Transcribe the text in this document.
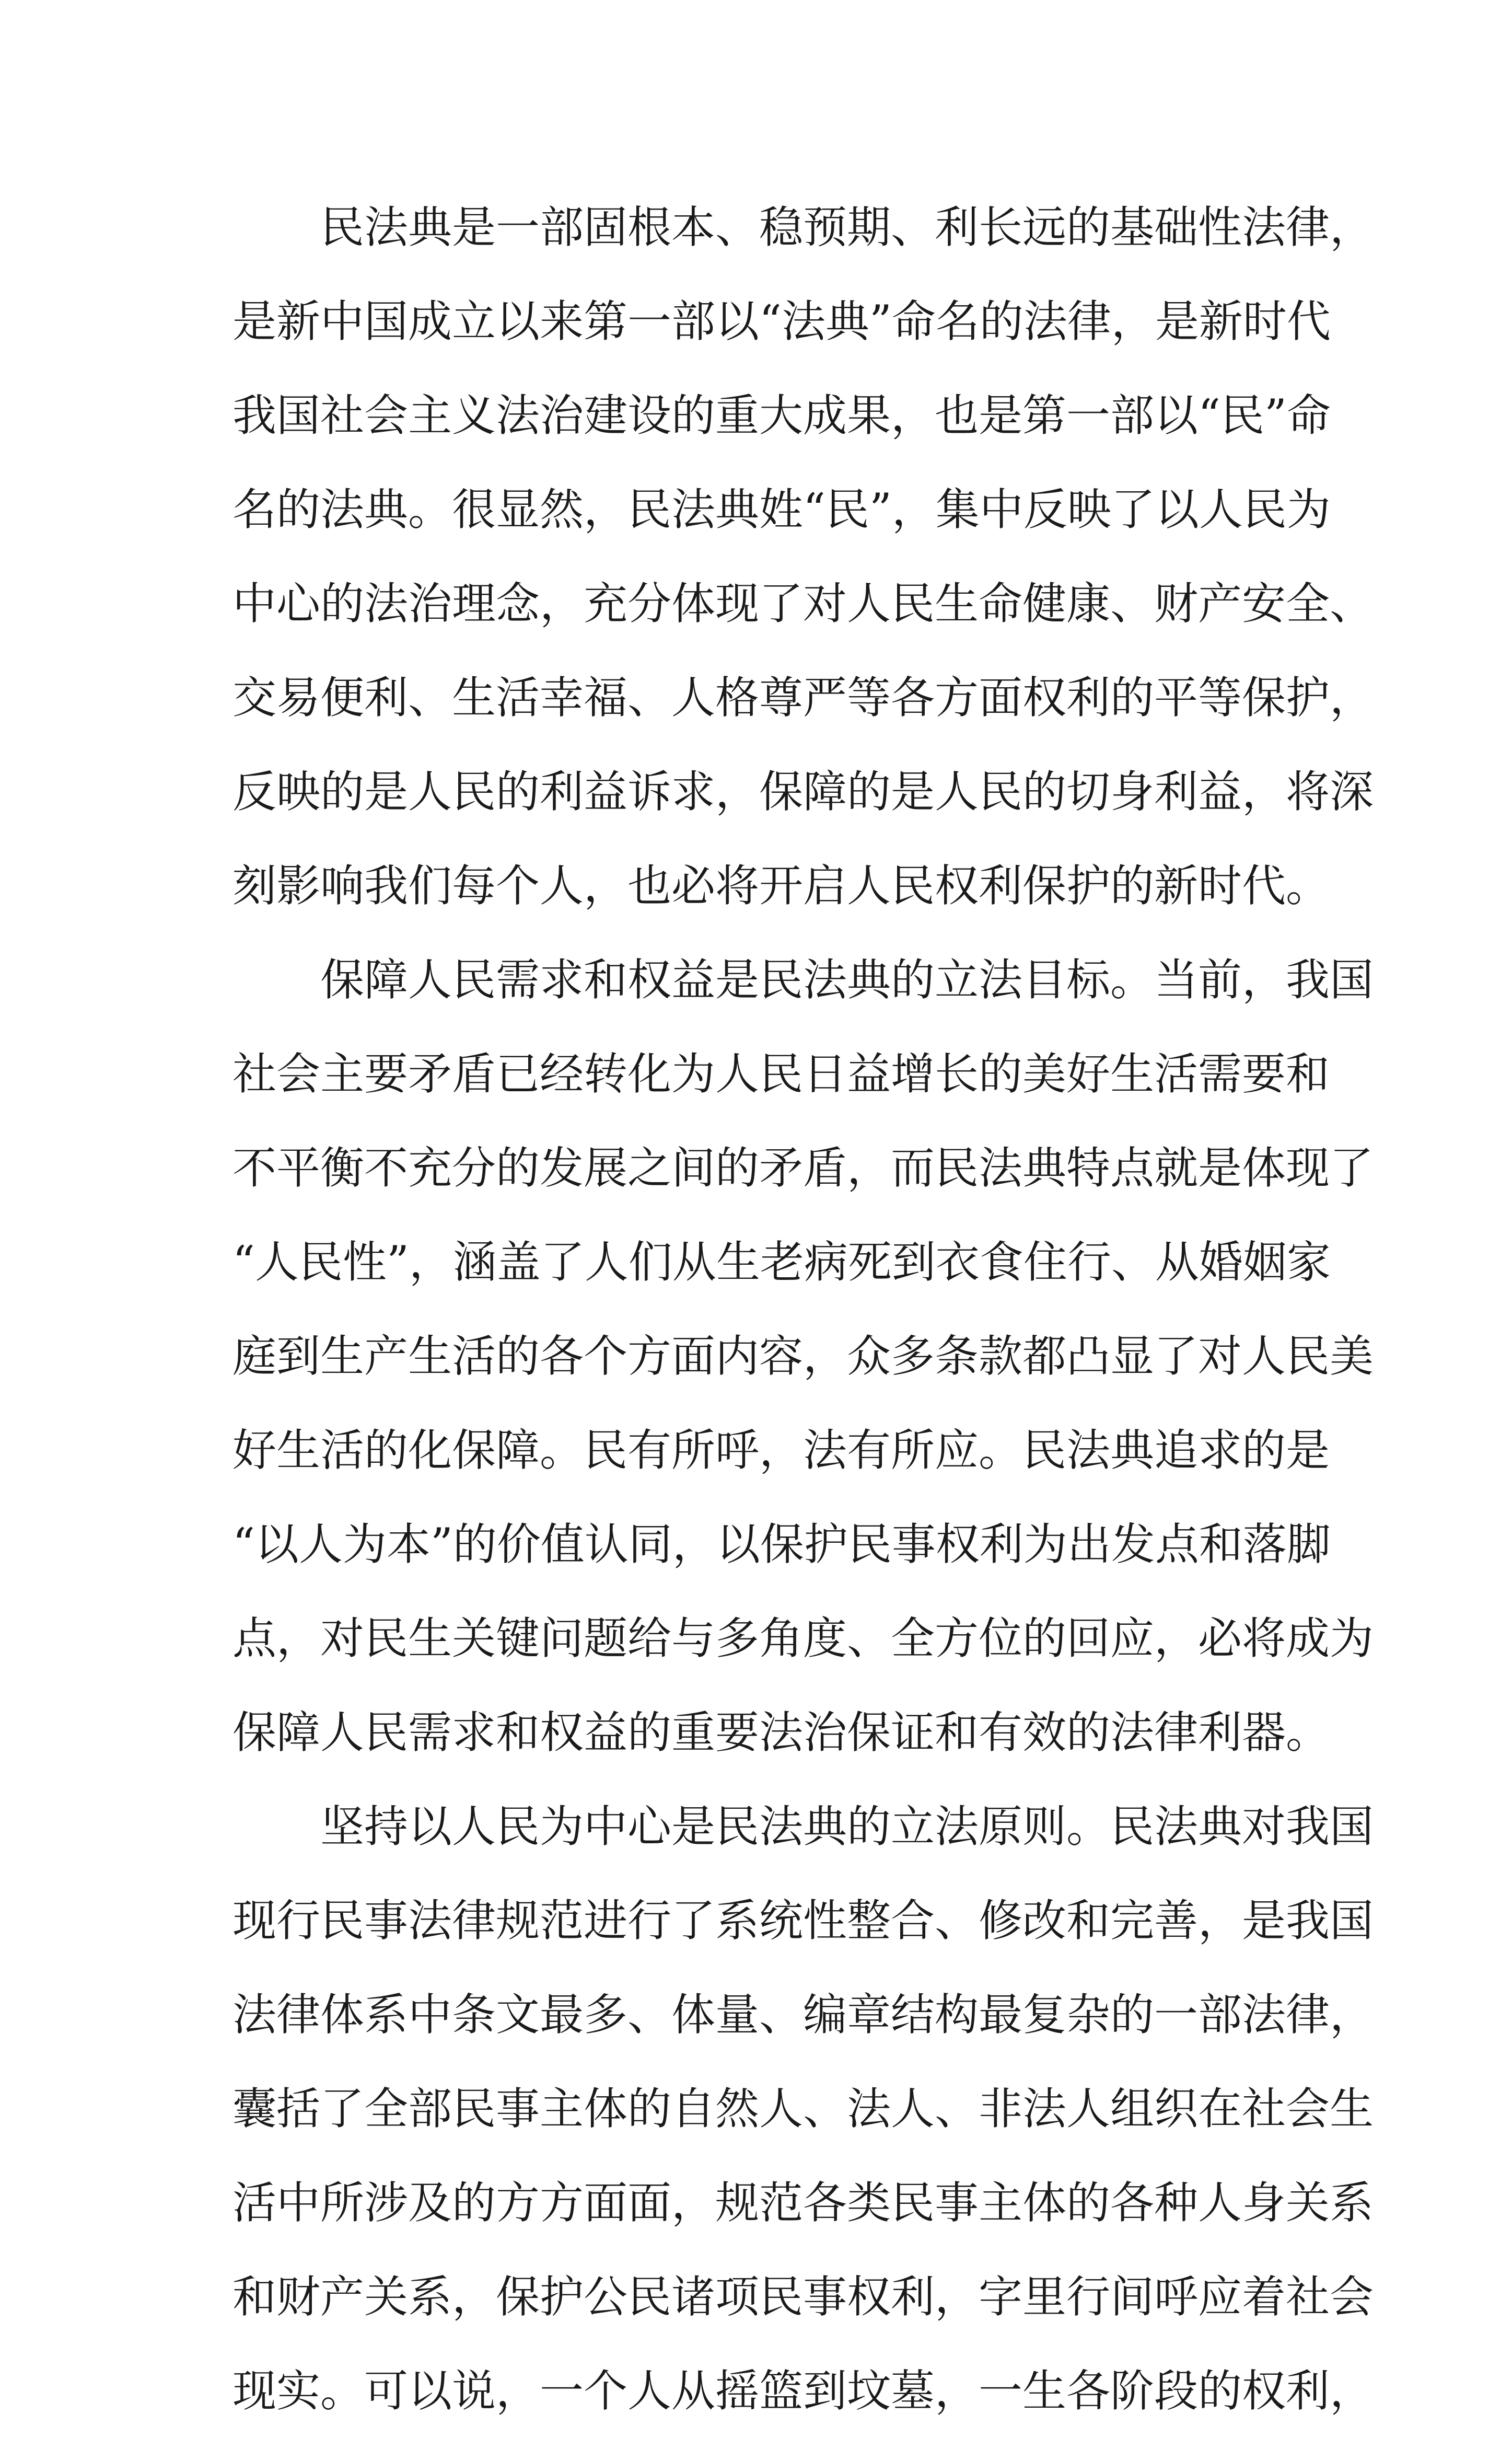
民法典是一部固根本、稳预期、利长远的基础性法律，
是新中国成立以来第一部以“法典”命名的法律，是新时代
我国社会主义法治建设的重大成果，也是第一部以“民”命
名的法典。很显然，民法典姓“民”，集中反映了以人民为
中心的法治理念，充分体现了对人民生命健康、财产安全、
交易便利、生活幸福、人格尊严等各方面权利的平等保护，
反映的是人民的利益诉求，保障的是人民的切身利益，将深
刻影响我们每个人，也必将开启人民权利保护的新时代。
保障人民需求和权益是民法典的立法目标。当前，我国
社会主要矛盾已经转化为人民日益增长的美好生活需要和
不平衡不充分的发展之间的矛盾，而民法典特点就是体现了
“人民性”，涵盖了人们从生老病死到衣食住行、从婚姻家
庭到生产生活的各个方面内容，众多条款都凸显了对人民美
好生活的化保障。民有所呼，法有所应。民法典追求的是
“以人为本”的价值认同，以保护民事权利为出发点和落脚
点，对民生关键问题给与多角度、全方位的回应，必将成为
保障人民需求和权益的重要法治保证和有效的法律利器。
坚持以人民为中心是民法典的立法原则。民法典对我国
现行民事法律规范进行了系统性整合、修改和完善，是我国
法律体系中条文最多、体量、编章结构最复杂的一部法律，
囊括了全部民事主体的自然人、法人、非法人组织在社会生
活中所涉及的方方面面，规范各类民事主体的各种人身关系
和财产关系，保护公民诸项民事权利，字里行间呼应着社会
现实。可以说，一个人从摇篮到坟墓，一生各阶段的权利，
